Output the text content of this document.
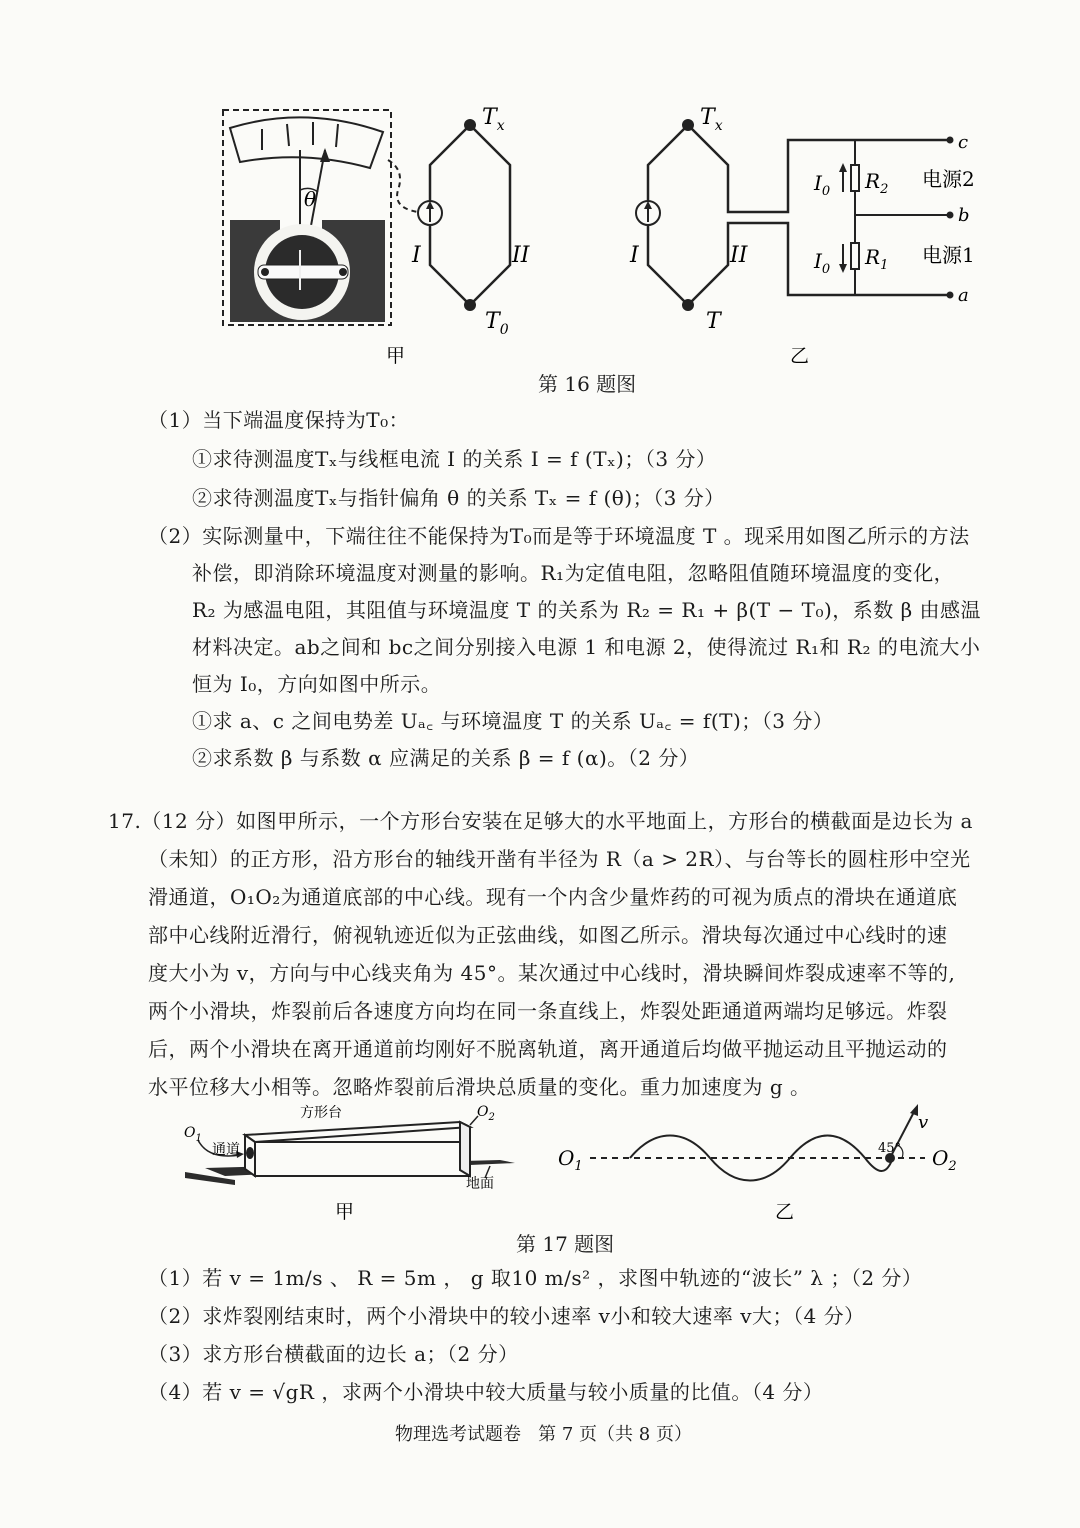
θ
$T_x$
$T_0$
I	II
$T_x$
T
I	II
$I_0$ $R_2$
$I_0$
$R_1$
电源2
电源1
c
b
a
甲	乙
第 16 题图
（1）当下端温度保持为T₀：
①求待测温度Tₓ与线框电流 I 的关系 I = f (Tₓ)；（3 分）
②求待测温度Tₓ与指针偏角 θ 的关系 Tₓ = f (θ)；（3 分）
（2）实际测量中，下端往往不能保持为T₀而是等于环境温度 T 。现采用如图乙所示的方法
补偿，即消除环境温度对测量的影响。R₁为定值电阻，忽略阻值随环境温度的变化，
R₂ 为感温电阻，其阻值与环境温度 T 的关系为 R₂ = R₁ + β(T − T₀)，系数 β 由感温
材料决定。ab之间和 bc之间分别接入电源 1 和电源 2，使得流过 R₁和 R₂ 的电流大小
恒为 I₀，方向如图中所示。
①求 a、c 之间电势差 Uₐ꜀ 与环境温度 T 的关系 Uₐ꜀ = f(T)；（3 分）
②求系数 β 与系数 α 应满足的关系 β = f (α)。（2 分）
17.（12 分）如图甲所示，一个方形台安装在足够大的水平地面上，方形台的横截面是边长为 a
（未知）的正方形，沿方形台的轴线开凿有半径为 R（a > 2R）、与台等长的圆柱形中空光
滑通道，O₁O₂为通道底部的中心线。现有一个内含少量炸药的可视为质点的滑块在通道底
部中心线附近滑行，俯视轨迹近似为正弦曲线，如图乙所示。滑块每次通过中心线时的速
度大小为 v，方向与中心线夹角为 45°。某次通过中心线时，滑块瞬间炸裂成速率不等的,
两个小滑块，炸裂前后各速度方向均在同一条直线上，炸裂处距通道两端均足够远。炸裂
后，两个小滑块在离开通道前均刚好不脱离轨道，离开通道后均做平抛运动且平抛运动的
水平位移大小相等。忽略炸裂前后滑块总质量的变化。重力加速度为 g 。
方形台
通道
地面
$O_1$
$O_2$
$O_1$	$O_2$
v
45°
甲	乙
第 17 题图
（1）若 v = 1m/s 、 R = 5m ， g 取10 m/s² ，求图中轨迹的“波长” λ ；（2 分）
（2）求炸裂刚结束时，两个小滑块中的较小速率 v小和较大速率 v大；（4 分）
（3）求方形台横截面的边长 a；（2 分）
（4）若 v = √gR ，求两个小滑块中较大质量与较小质量的比值。（4 分）
物理选考试题卷   第 7 页（共 8 页）
